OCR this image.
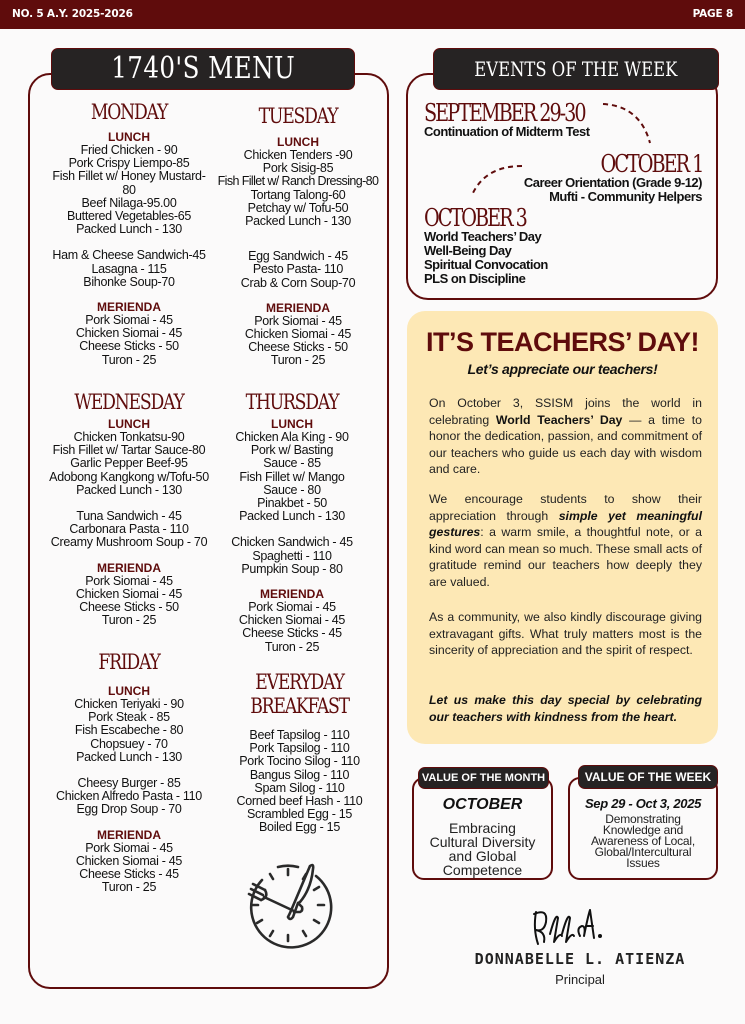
NO. 5 A.Y. 2025-2026	PAGE 8
1740'S MENU
MONDAY
LUNCH
Fried Chicken - 90
Pork Crispy Liempo-85
Fish Fillet w/ Honey Mustard-
80
Beef Nilaga-95.00
Buttered Vegetables-65
Packed Lunch - 130
Ham & Cheese Sandwich-45
Lasagna - 115
Bihonke Soup-70
MERIENDA
Pork Siomai - 45
Chicken Siomai - 45
Cheese Sticks - 50
Turon - 25
TUESDAY
LUNCH
Chicken Tenders -90
Pork Sisig-85
Fish Fillet w/ Ranch Dressing-80
Tortang Talong-60
Petchay w/ Tofu-50
Packed Lunch - 130
Egg Sandwich - 45
Pesto Pasta- 110
Crab & Corn Soup-70
MERIENDA
Pork Siomai - 45
Chicken Siomai - 45
Cheese Sticks - 50
Turon - 25
WEDNESDAY
LUNCH
Chicken Tonkatsu-90
Fish Fillet w/ Tartar Sauce-80
Garlic Pepper Beef-95
Adobong Kangkong w/Tofu-50
Packed Lunch - 130
Tuna Sandwich - 45
Carbonara Pasta - 110
Creamy Mushroom Soup - 70
MERIENDA
Pork Siomai - 45
Chicken Siomai - 45
Cheese Sticks - 50
Turon - 25
THURSDAY
LUNCH
Chicken Ala King - 90
Pork w/ Basting
Sauce - 85
Fish Fillet w/ Mango
Sauce - 80
Pinakbet - 50
Packed Lunch - 130
Chicken Sandwich - 45
Spaghetti - 110
Pumpkin Soup - 80
MERIENDA
Pork Siomai - 45
Chicken Siomai - 45
Cheese Sticks - 45
Turon - 25
FRIDAY
LUNCH
Chicken Teriyaki - 90
Pork Steak - 85
Fish Escabeche - 80
Chopsuey - 70
Packed Lunch - 130
Cheesy Burger - 85
Chicken Alfredo Pasta - 110
Egg Drop Soup - 70
MERIENDA
Pork Siomai - 45
Chicken Siomai - 45
Cheese Sticks - 45
Turon - 25
EVERYDAY
BREAKFAST
Beef Tapsilog - 110
Pork Tapsilog - 110
Pork Tocino Silog - 110
Bangus Silog - 110
Spam Silog - 110
Corned beef Hash - 110
Scrambled Egg - 15
Boiled Egg - 15
EVENTS OF THE WEEK
SEPTEMBER 29-30
Continuation of Midterm Test
OCTOBER 1
Career Orientation (Grade 9-12)
Mufti - Community Helpers
OCTOBER 3
World Teachers’ Day
Well-Being Day
Spiritual Convocation
PLS on Discipline
IT’S TEACHERS’ DAY!
Let’s appreciate our teachers!

On October 3, SSISM joins the world in celebrating World Teachers’ Day — a time to honor the dedication, passion, and commitment of our teachers who guide us each day with wisdom and care.

We encourage students to show their appreciation through simple yet meaningful gestures: a warm smile, a thoughtful note, or a kind word can mean so much. These small acts of gratitude remind our teachers how deeply they are valued.

As a community, we also kindly discourage giving extravagant gifts. What truly matters most is the sincerity of appreciation and the spirit of respect.

Let us make this day special by celebrating our teachers with kindness from the heart.

OCTOBER
Embracing
Cultural Diversity
and Global
Competence
VALUE OF THE MONTH
Sep 29 - Oct 3, 2025
Demonstrating
Knowledge and
Awareness of Local,
Global/Intercultural
Issues
VALUE OF THE WEEK
DONNABELLE L. ATIENZA
Principal
